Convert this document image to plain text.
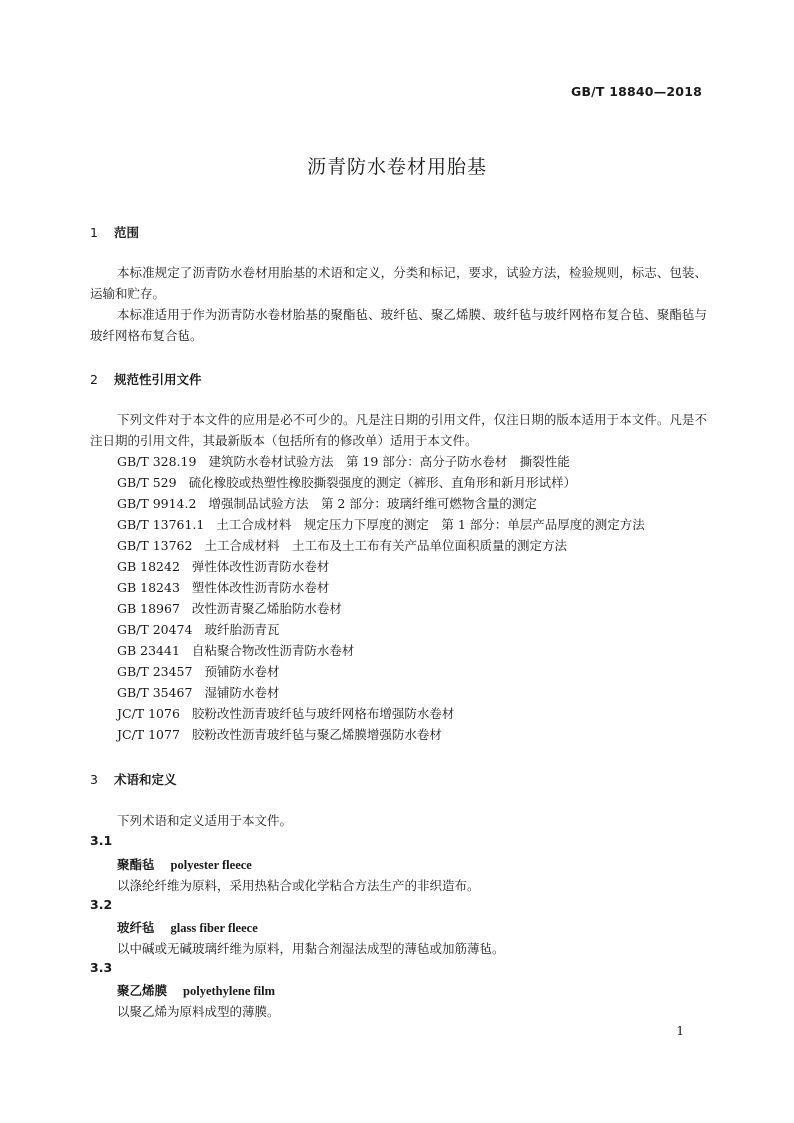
GB/T 18840—2018
沥青防水卷材用胎基
1 范围

本标准规定了沥青防水卷材用胎基的术语和定义，分类和标记，要求，试验方法，检验规则，标志、包装、运输和贮存。

本标准适用于作为沥青防水卷材胎基的聚酯毡、玻纤毡、聚乙烯膜、玻纤毡与玻纤网格布复合毡、聚酯毡与玻纤网格布复合毡。

2 规范性引用文件

下列文件对于本文件的应用是必不可少的。凡是注日期的引用文件，仅注日期的版本适用于本文件。凡是不注日期的引用文件，其最新版本（包括所有的修改单）适用于本文件。

GB/T 328.19 建筑防水卷材试验方法　第 19 部分：高分子防水卷材　撕裂性能
GB/T 529 硫化橡胶或热塑性橡胶撕裂强度的测定（裤形、直角形和新月形试样）
GB/T 9914.2 增强制品试验方法　第 2 部分：玻璃纤维可燃物含量的测定
GB/T 13761.1 土工合成材料　规定压力下厚度的测定　第 1 部分：单层产品厚度的测定方法
GB/T 13762 土工合成材料　土工布及土工布有关产品单位面积质量的测定方法
GB 18242 弹性体改性沥青防水卷材
GB 18243 塑性体改性沥青防水卷材
GB 18967 改性沥青聚乙烯胎防水卷材
GB/T 20474 玻纤胎沥青瓦
GB 23441 自粘聚合物改性沥青防水卷材
GB/T 23457 预铺防水卷材
GB/T 35467 湿铺防水卷材
JC/T 1076 胶粉改性沥青玻纤毡与玻纤网格布增强防水卷材
JC/T 1077 胶粉改性沥青玻纤毡与聚乙烯膜增强防水卷材
3 术语和定义

下列术语和定义适用于本文件。

3.1
聚酯毡 polyester fleece
以涤纶纤维为原料，采用热粘合或化学粘合方法生产的非织造布。
3.2
玻纤毡 glass fiber fleece
以中碱或无碱玻璃纤维为原料，用黏合剂湿法成型的薄毡或加筋薄毡。
3.3
聚乙烯膜 polyethylene film
以聚乙烯为原料成型的薄膜。
1
